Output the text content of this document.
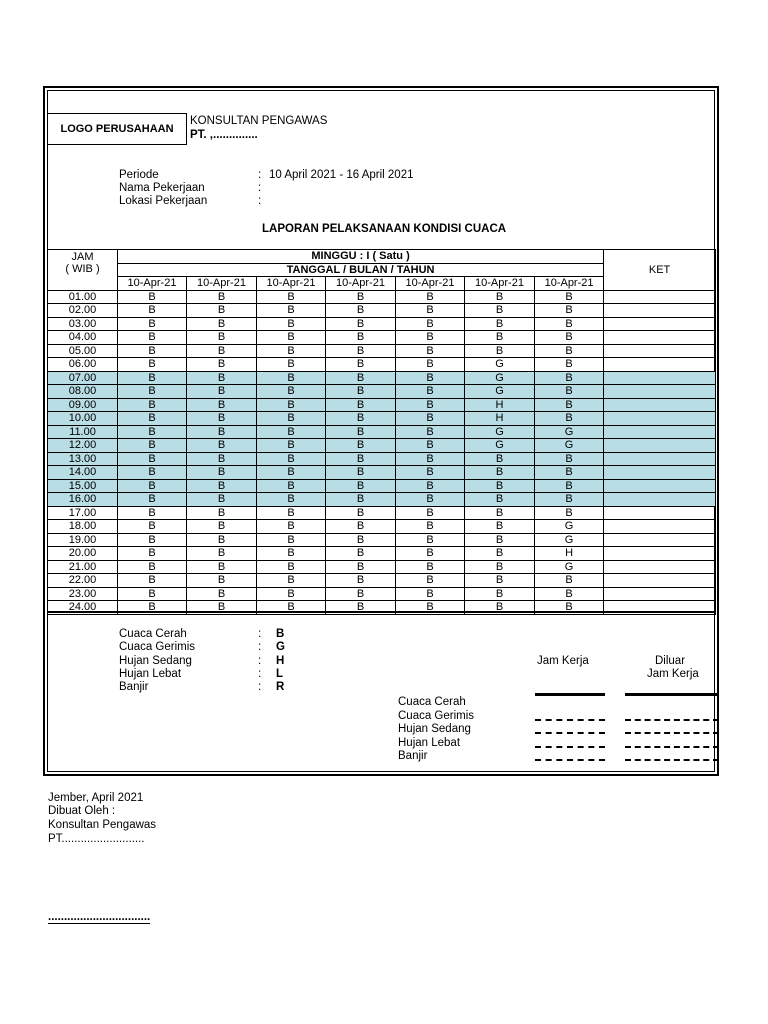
LOGO PERUSAHAAN
KONSULTAN PENGAWAS
PT. ,..............
Periode	: 10 April 2021 - 16 April 2021
Nama Pekerjaan	:
Lokasi Pekerjaan	:
LAPORAN PELAKSANAAN KONDISI CUACA
JAM	MINGGU : I ( Satu )							KET
( WIB )	TANGGAL / BULAN / TAHUN							
	10-Apr-21	10-Apr-21	10-Apr-21	10-Apr-21	10-Apr-21	10-Apr-21	10-Apr-21	
01.00	B	B	B	B	B	B	B	
02.00	B	B	B	B	B	B	B	
03.00	B	B	B	B	B	B	B	
04.00	B	B	B	B	B	B	B	
05.00	B	B	B	B	B	B	B	
06.00	B	B	B	B	B	G	B	
07.00	B	B	B	B	B	G	B	
08.00	B	B	B	B	B	G	B	
09.00	B	B	B	B	B	H	B	
10.00	B	B	B	B	B	H	B	
11.00	B	B	B	B	B	G	G	
12.00	B	B	B	B	B	G	G	
13.00	B	B	B	B	B	B	B	
14.00	B	B	B	B	B	B	B	
15.00	B	B	B	B	B	B	B	
16.00	B	B	B	B	B	B	B	
17.00	B	B	B	B	B	B	B	
18.00	B	B	B	B	B	B	G	
19.00	B	B	B	B	B	B	G	
20.00	B	B	B	B	B	B	H	
21.00	B	B	B	B	B	B	G	
22.00	B	B	B	B	B	B	B	
23.00	B	B	B	B	B	B	B	
24.00	B	B	B	B	B	B	B	
Cuaca Cerah	: B
Cuaca Gerimis	: G
Hujan Sedang	: H
Hujan Lebat	: L
Banjir	: R
Jam Kerja	Diluar
Jam Kerja
Cuaca Cerah
Cuaca Gerimis
Hujan Sedang
Hujan Lebat
Banjir
Jember, April 2021
Dibuat Oleh :
Konsultan Pengawas
PT..........................
................................
